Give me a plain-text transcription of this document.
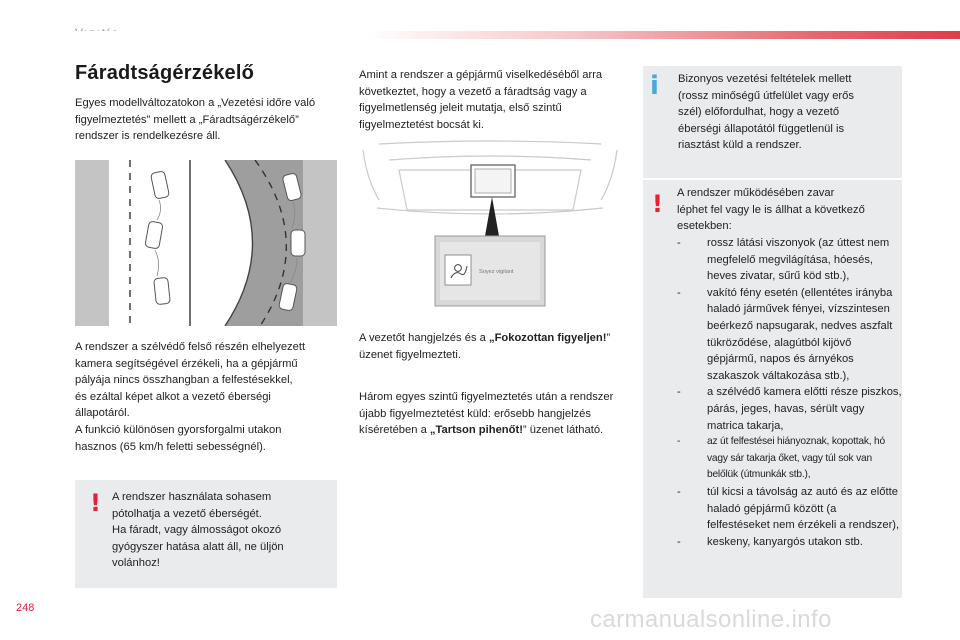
Fáradtságérzékelő
Egyes modellváltozatokon a „Vezetési időre való figyelmeztetés” mellett a „Fáradtságérzékelő” rendszer is rendelkezésre áll.
A rendszer a szélvédő felső részén elhelyezett
kamera segítségével érzékeli, ha a gépjármű
pályája nincs összhangban a felfestésekkel,
és ezáltal képet alkot a vezető éberségi
állapotáról.
A funkció különösen gyorsforgalmi utakon
hasznos (65 km/h feletti sebességnél).
! A rendszer használata sohasem
pótolhatja a vezető éberségét.
Ha fáradt, vagy álmosságot okozó
gyógyszer hatása alatt áll, ne üljön
volánhoz!
Amint a rendszer a gépjármű viselkedéséből arra következtet, hogy a vezető a fáradtság vagy a figyelmetlenség jeleit mutatja, első szintű figyelmeztetést bocsát ki.
Soyez vigilant
A vezetőt hangjelzés és a „Fokozottan figyeljen!” üzenet figyelmezteti.
Három egyes szintű figyelmeztetés után a rendszer újabb figyelmeztetést küld: erősebb hangjelzés kíséretében a „Tartson pihenőt!” üzenet látható.
i	Bizonyos vezetési feltételek mellett
(rossz minőségű útfelület vagy erős
szél) előfordulhat, hogy a vezető
éberségi állapotától függetlenül is
riasztást küld a rendszer.
! A rendszer működésében zavar
léphet fel vagy le is állhat a következő
esetekben:
- rossz látási viszonyok (az úttest nem megfelelő megvilágítása, hóesés, heves zivatar, sűrű köd stb.),
- vakító fény esetén (ellentétes irányba haladó járművek fényei, vízszintesen beérkező napsugarak, nedves aszfalt tükröződése, alagútból kijövő gépjármű, napos és árnyékos szakaszok váltakozása stb.),
- a szélvédő kamera előtti része piszkos, párás, jeges, havas, sérült vagy matrica takarja,
-	az út felfestései hiányoznak, kopottak, hó vagy sár takarja őket, vagy túl sok van belőlük (útmunkák stb.),
- túl kicsi a távolság az autó és az előtte haladó gépjármű között (a felfestéseket nem érzékeli a rendszer),
- keskeny, kanyargós utakon stb.
248	carmanualsonline.info
